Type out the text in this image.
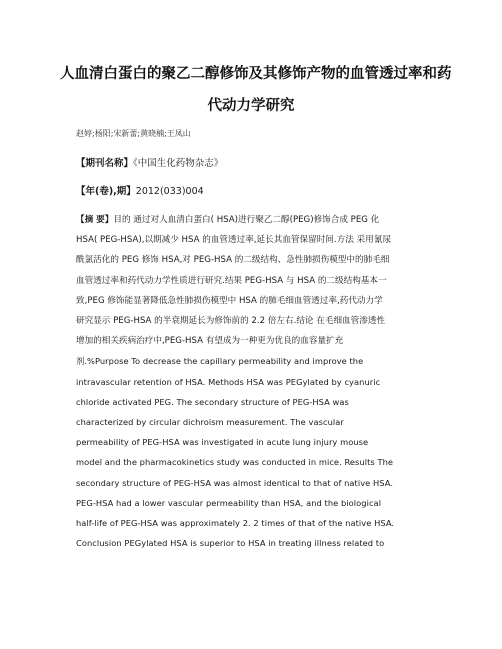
人血清白蛋白的聚乙二醇修饰及其修饰产物的血管透过率和药
代动力学研究
赵婷;杨阳;宋新蕾;黄晓楠;王凤山
【期刊名称】《中国生化药物杂志》
【年(卷),期】2012(033)004
【摘 要】目的 通过对人血清白蛋白( HSA)进行聚乙二醇(PEG)修饰合成 PEG 化
HSA( PEG-HSA),以期减少 HSA 的血管透过率,延长其血管保留时间.方法 采用氰尿
酰氯活化的 PEG 修饰 HSA,对 PEG-HSA 的二级结构、急性肺损伤模型中的肺毛细
血管透过率和药代动力学性质进行研究.结果 PEG-HSA 与 HSA 的二级结构基本一
致,PEG 修饰能显著降低急性肺损伤模型中 HSA 的肺毛细血管透过率,药代动力学
研究显示 PEG-HSA 的半衰期延长为修饰前的 2.2 倍左右.结论 在毛细血管渗透性
增加的相关疾病治疗中,PEG-HSA 有望成为一种更为优良的血容量扩充
剂.%Purpose To decrease the capillary permeability and improve the
intravascular retention of HSA. Methods HSA was PEGylated by cyanuric
chloride activated PEG. The secondary structure of PEG-HSA was
characterized by circular dichroism measurement. The vascular
permeability of PEG-HSA was investigated in acute lung injury mouse
model and the pharmacokinetics study was conducted in mice. Results The
secondary structure of PEG-HSA was almost identical to that of native HSA.
PEG-HSA had a lower vascular permeability than HSA, and the biological
half-life of PEG-HSA was approximately 2. 2 times of that of the native HSA.
Conclusion PEGylated HSA is superior to HSA in treating illness related to
